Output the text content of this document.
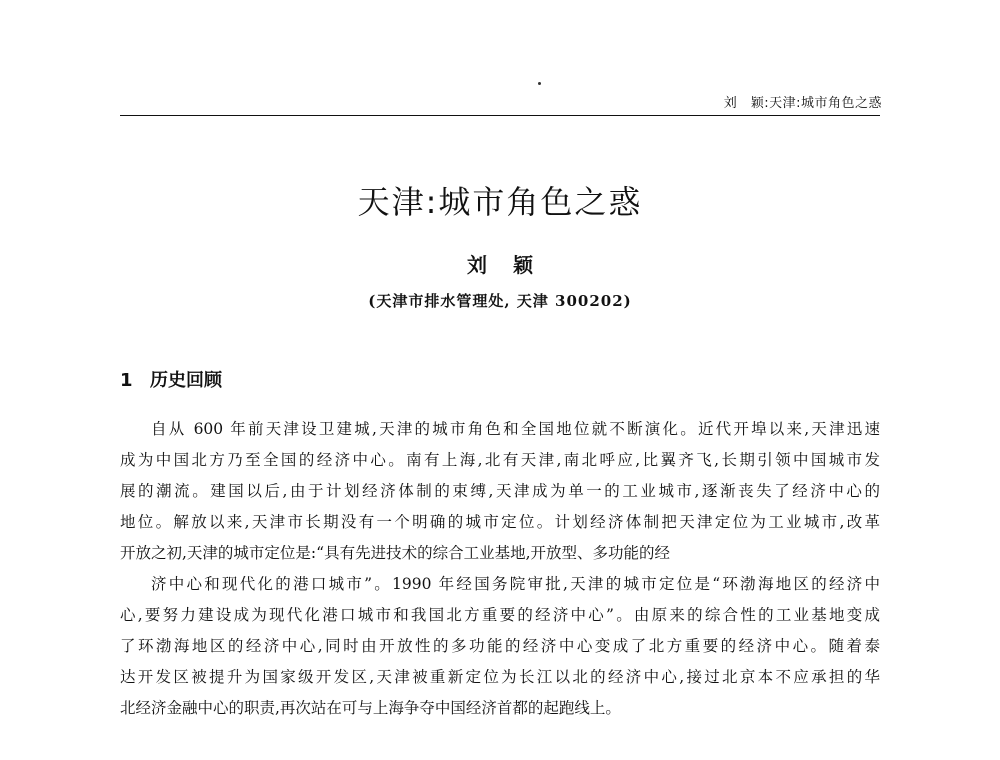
刘　颖:天津:城市角色之惑
天津:城市角色之惑
刘颖
(天津市排水管理处, 天津 300202)
1 历史回顾
自从 600 年前天津设卫建城,天津的城市角色和全国地位就不断演化。近代开埠以来,天津迅速
成为中国北方乃至全国的经济中心。南有上海,北有天津,南北呼应,比翼齐飞,长期引领中国城市发
展的潮流。建国以后,由于计划经济体制的束缚,天津成为单一的工业城市,逐渐丧失了经济中心的
地位。解放以来,天津市长期没有一个明确的城市定位。计划经济体制把天津定位为工业城市,改革
开放之初,天津的城市定位是:“具有先进技术的综合工业基地,开放型、多功能的经
济中心和现代化的港口城市”。1990 年经国务院审批,天津的城市定位是“环渤海地区的经济中
心,要努力建设成为现代化港口城市和我国北方重要的经济中心”。由原来的综合性的工业基地变成
了环渤海地区的经济中心,同时由开放性的多功能的经济中心变成了北方重要的经济中心。随着泰
达开发区被提升为国家级开发区,天津被重新定位为长江以北的经济中心,接过北京本不应承担的华
北经济金融中心的职责,再次站在可与上海争夺中国经济首都的起跑线上。
